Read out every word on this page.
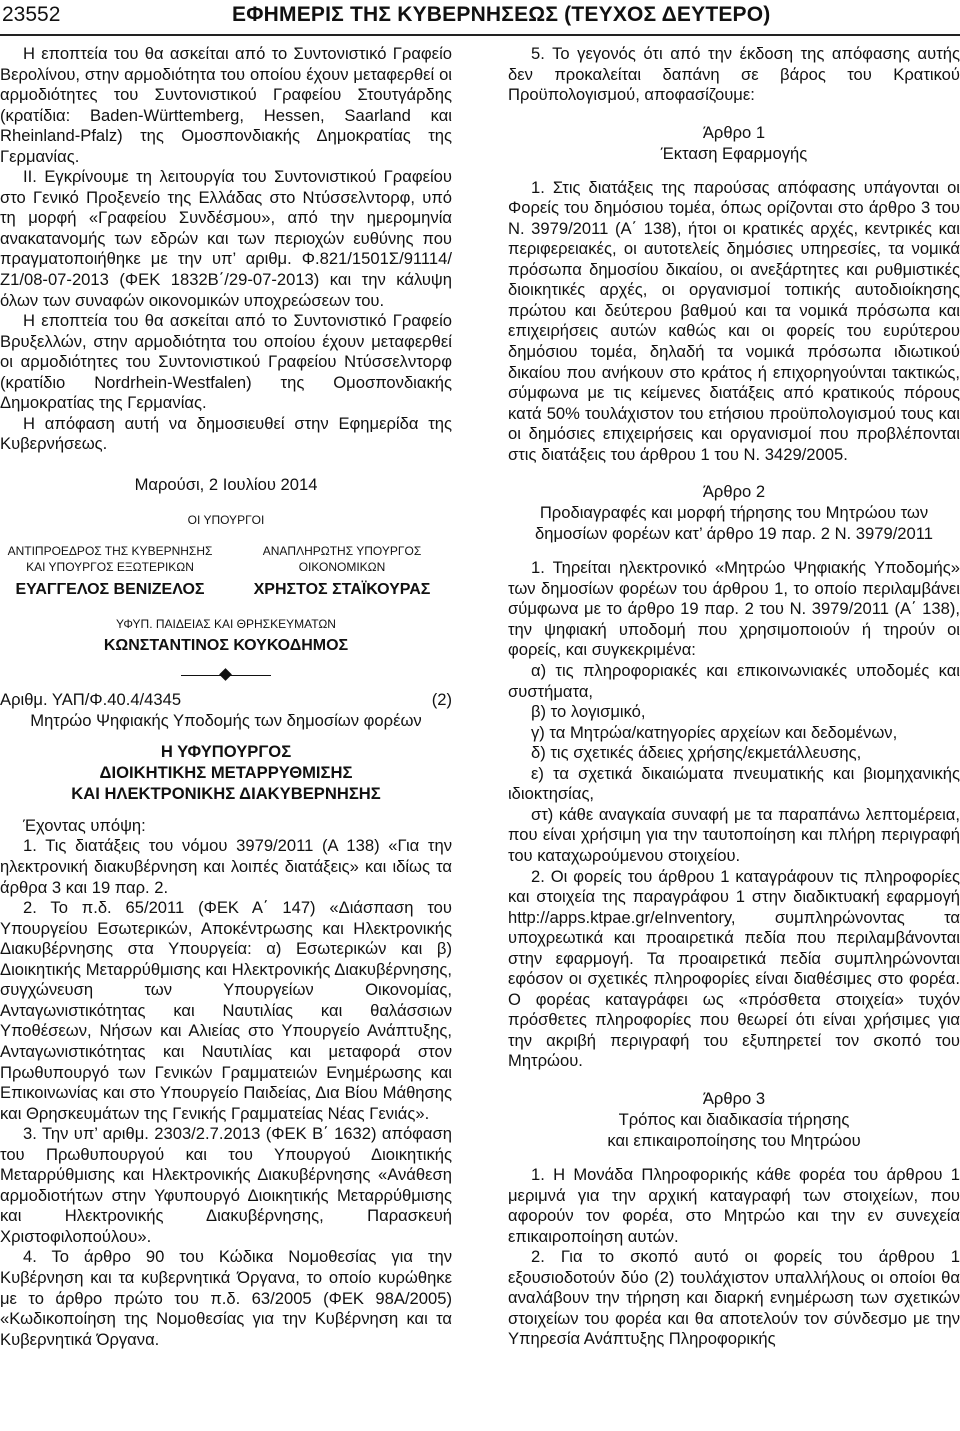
23552	ΕΦΗΜΕΡΙΣ ΤΗΣ ΚΥΒΕΡΝΗΣΕΩΣ (ΤΕΥΧΟΣ ΔΕΥΤΕΡΟ)

Η εποπτεία του θα ασκείται από το Συντονιστικό Γραφείο Βερολίνου, στην αρμοδιότητα του οποίου έχουν μεταφερθεί οι αρμοδιότητες του Συντονιστικού Γραφείου Στουτγάρδης (κρατίδια: Baden-Württemberg, Hessen, Saarland και Rheinland-Pfalz) της Ομοσπονδιακής Δημοκρατίας της Γερμανίας.

ΙΙ. Εγκρίνουμε τη λειτουργία του Συντονιστικού Γραφείου στο Γενικό Προξενείο της Ελλάδας στο Ντύσσελντορφ, υπό τη μορφή «Γραφείου Συνδέσμου», από την ημερομηνία ανακατανομής των εδρών και των περιοχών ευθύνης που πραγματοποιήθηκε με την υπ’ αριθμ. Φ.821/1501Σ/91114/Ζ1/08-07-2013 (ΦΕΚ 1832Β΄/29-07-2013) και την κάλυψη όλων των συναφών οικονομικών υποχρεώσεων του.

Η εποπτεία του θα ασκείται από το Συντονιστικό Γραφείο Βρυξελλών, στην αρμοδιότητα του οποίου έχουν μεταφερθεί οι αρμοδιότητες του Συντονιστικού Γραφείου Ντύσσελντορφ (κρατίδιο Nordrhein-Westfalen) της Ομοσπονδιακής Δημοκρατίας της Γερμανίας.

Η απόφαση αυτή να δημοσιευθεί στην Εφημερίδα της Κυβερνήσεως.

Μαρούσι, 2 Ιουλίου 2014
ΟΙ ΥΠΟΥΡΓΟΙ
ΑΝΤΙΠΡΟΕΔΡΟΣ ΤΗΣ ΚΥΒΕΡΝΗΣΗΣ
ΚΑΙ ΥΠΟΥΡΓΟΣ ΕΞΩΤΕΡΙΚΩΝ
ΕΥΑΓΓΕΛΟΣ ΒΕΝΙΖΕΛΟΣ
ΑΝΑΠΛΗΡΩΤΗΣ ΥΠΟΥΡΓΟΣ
ΟΙΚΟΝΟΜΙΚΩΝ
ΧΡΗΣΤΟΣ ΣΤΑΪΚΟΥΡΑΣ
ΥΦΥΠ. ΠΑΙΔΕΙΑΣ ΚΑΙ ΘΡΗΣΚΕΥΜΑΤΩΝ
ΚΩΝΣΤΑΝΤΙΝΟΣ ΚΟΥΚΟΔΗΜΟΣ
Αριθμ. ΥΑΠ/Φ.40.4/4345	(2)
Μητρώο Ψηφιακής Υποδομής των δημοσίων φορέων
Η ΥΦΥΠΟΥΡΓΟΣ
ΔΙΟΙΚΗΤΙΚΗΣ ΜΕΤΑΡΡΥΘΜΙΣΗΣ
ΚΑΙ ΗΛΕΚΤΡΟΝΙΚΗΣ ΔΙΑΚΥΒΕΡΝΗΣΗΣ

Έχοντας υπόψη:

1. Τις διατάξεις του νόμου 3979/2011 (Α 138) «Για την ηλεκτρονική διακυβέρνηση και λοιπές διατάξεις» και ιδίως τα άρθρα 3 και 19 παρ. 2.

2. Το π.δ. 65/2011 (ΦΕΚ Α΄ 147) «Διάσπαση του Υπουργείου Εσωτερικών, Αποκέντρωσης και Ηλεκτρονικής Διακυβέρνησης στα Υπουργεία: α) Εσωτερικών και β) Διοικητικής Μεταρρύθμισης και Ηλεκτρονικής Διακυβέρνησης, συγχώνευση των Υπουργείων Οικονομίας, Ανταγωνιστικότητας και Ναυτιλίας και θαλάσσιων Υποθέσεων, Νήσων και Αλιείας στο Υπουργείο Ανάπτυξης, Ανταγωνιστικότητας και Ναυτιλίας και μεταφορά στον Πρωθυπουργό των Γενικών Γραμματειών Ενημέρωσης και Επικοινωνίας και στο Υπουργείο Παιδείας, Δια Βίου Μάθησης και Θρησκευμάτων της Γενικής Γραμματείας Νέας Γενιάς».

3. Την υπ’ αριθμ. 2303/2.7.2013 (ΦΕΚ Β΄ 1632) απόφαση του Πρωθυπουργού και του Υπουργού Διοικητικής Μεταρρύθμισης και Ηλεκτρονικής Διακυβέρνησης «Ανάθεση αρμοδιοτήτων στην Υφυπουργό Διοικητικής Μεταρρύθμισης και Ηλεκτρονικής Διακυβέρνησης, Παρασκευή Χριστοφιλοπούλου».

4. Το άρθρο 90 του Κώδικα Νομοθεσίας για την Κυβέρνηση και τα κυβερνητικά Όργανα, το οποίο κυρώθηκε με το άρθρο πρώτο του π.δ. 63/2005 (ΦΕΚ 98Α/2005) «Κωδικοποίηση της Νομοθεσίας για την Κυβέρνηση και τα Κυβερνητικά Όργανα.

5. Το γεγονός ότι από την έκδοση της απόφασης αυτής δεν προκαλείται δαπάνη σε βάρος του Κρατικού Προϋπολογισμού, αποφασίζουμε:

Άρθρο 1
Έκταση Εφαρμογής

1. Στις διατάξεις της παρούσας απόφασης υπάγονται οι Φορείς του δημόσιου τομέα, όπως ορίζονται στο άρθρο 3 του Ν. 3979/2011 (Α΄ 138), ήτοι οι κρατικές αρχές, κεντρικές και περιφερειακές, οι αυτοτελείς δημόσιες υπηρεσίες, τα νομικά πρόσωπα δημοσίου δικαίου, οι ανεξάρτητες και ρυθμιστικές διοικητικές αρχές, οι οργανισμοί τοπικής αυτοδιοίκησης πρώτου και δεύτερου βαθμού και τα νομικά πρόσωπα και επιχειρήσεις αυτών καθώς και οι φορείς του ευρύτερου δημόσιου τομέα, δηλαδή τα νομικά πρόσωπα ιδιωτικού δικαίου που ανήκουν στο κράτος ή επιχορηγούνται τακτικώς, σύμφωνα με τις κείμενες διατάξεις από κρατικούς πόρους κατά 50% τουλάχιστον του ετήσιου προϋπολογισμού τους και οι δημόσιες επιχειρήσεις και οργανισμοί που προβλέπονται στις διατάξεις του άρθρου 1 του Ν. 3429/2005.

Άρθρο 2
Προδιαγραφές και μορφή τήρησης του Μητρώου των δημοσίων φορέων κατ’ άρθρο 19 παρ. 2 Ν. 3979/2011

1. Τηρείται ηλεκτρονικό «Μητρώο Ψηφιακής Υποδομής» των δημοσίων φορέων του άρθρου 1, το οποίο περιλαμβάνει σύμφωνα με το άρθρο 19 παρ. 2 του Ν. 3979/2011 (Α΄ 138), την ψηφιακή υποδομή που χρησιμοποιούν ή τηρούν οι φορείς, και συγκεκριμένα:

α) τις πληροφοριακές και επικοινωνιακές υποδομές και συστήματα,

β) το λογισμικό,

γ) τα Μητρώα/κατηγορίες αρχείων και δεδομένων,

δ) τις σχετικές άδειες χρήσης/εκμετάλλευσης,

ε) τα σχετικά δικαιώματα πνευματικής και βιομηχανικής ιδιοκτησίας,

στ) κάθε αναγκαία συναφή με τα παραπάνω λεπτομέρεια, που είναι χρήσιμη για την ταυτοποίηση και πλήρη περιγραφή του καταχωρούμενου στοιχείου.

2. Οι φορείς του άρθρου 1 καταγράφουν τις πληροφορίες και στοιχεία της παραγράφου 1 στην διαδικτυακή εφαρμογή http://apps.ktpae.gr/eInventory, συμπληρώνοντας τα υποχρεωτικά και προαιρετικά πεδία που περιλαμβάνονται στην εφαρμογή. Τα προαιρετικά πεδία συμπληρώνονται εφόσον οι σχετικές πληροφορίες είναι διαθέσιμες στο φορέα. Ο φορέας καταγράφει ως «πρόσθετα στοιχεία» τυχόν πρόσθετες πληροφορίες που θεωρεί ότι είναι χρήσιμες για την ακριβή περιγραφή του εξυπηρετεί τον σκοπό του Μητρώου.

Άρθρο 3
Τρόπος και διαδικασία τήρησης
και επικαιροποίησης του Μητρώου

1. Η Μονάδα Πληροφορικής κάθε φορέα του άρθρου 1 μεριμνά για την αρχική καταγραφή των στοιχείων, που αφορούν τον φορέα, στο Μητρώο και την εν συνεχεία επικαιροποίηση αυτών.

2. Για το σκοπό αυτό οι φορείς του άρθρου 1 εξουσιοδοτούν δύο (2) τουλάχιστον υπαλλήλους οι οποίοι θα αναλάβουν την τήρηση και διαρκή ενημέρωση των σχετικών στοιχείων του φορέα και θα αποτελούν τον σύνδεσμο με την Υπηρεσία Ανάπτυξης Πληροφορικής
